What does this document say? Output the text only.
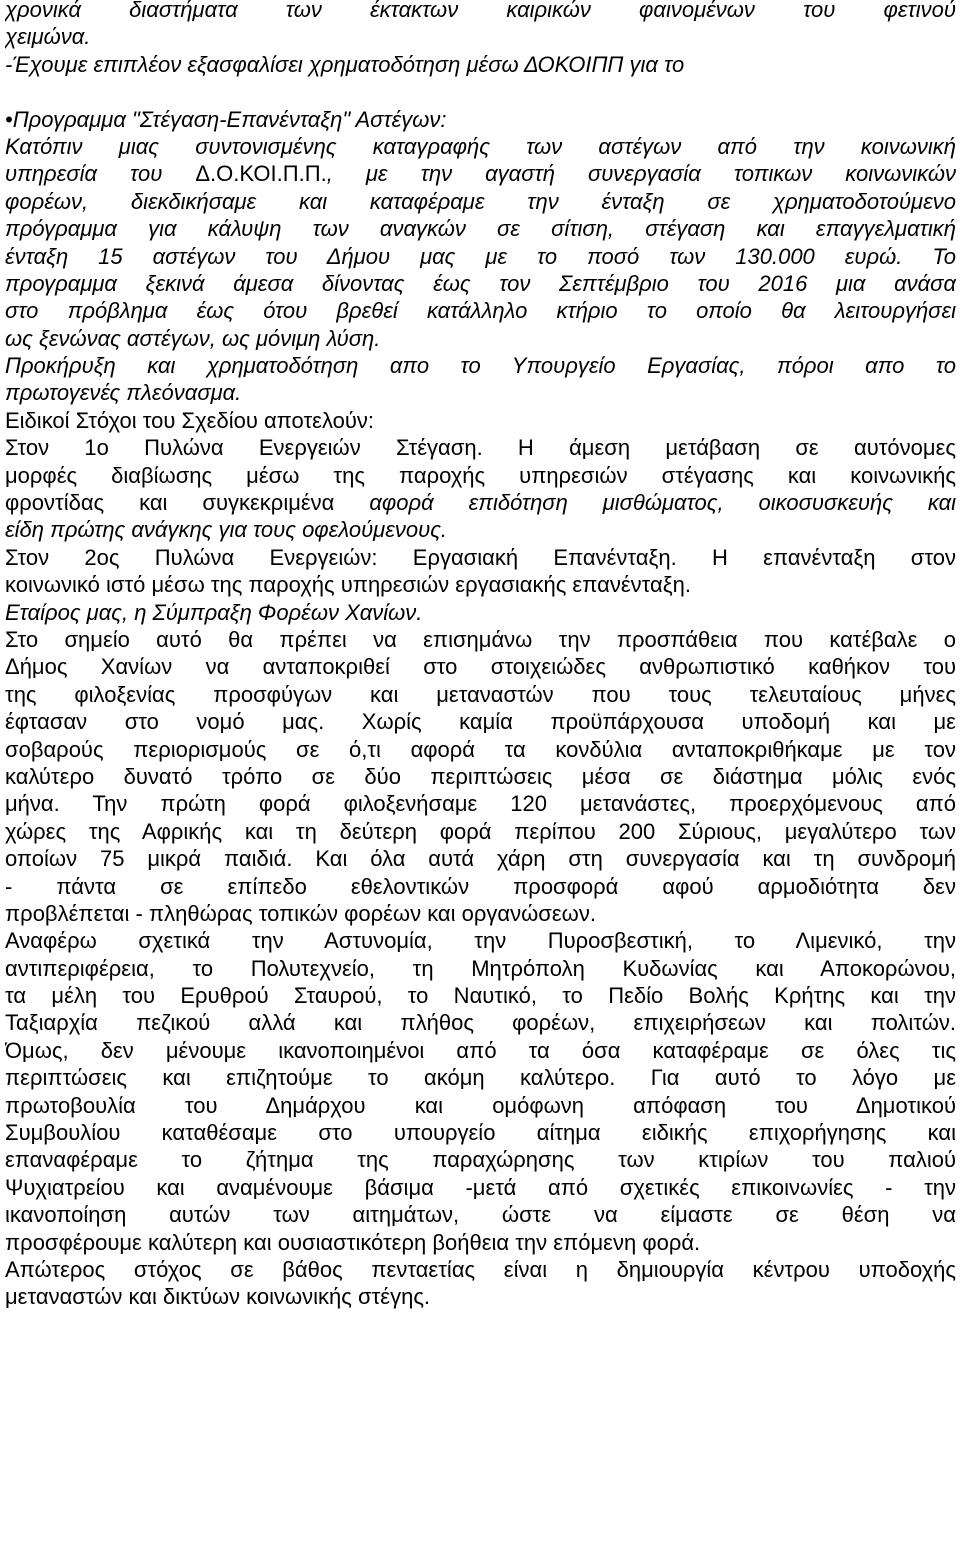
χρονικά διαστήματα των έκτακτων καιρικών φαινομένων του φετινού
χειμώνα.
-Έχουμε επιπλέον εξασφαλίσει χρηματοδότηση μέσω ΔΟΚΟΙΠΠ για το
•Προγραμμα "Στέγαση-Επανένταξη" Αστέγων:
Κατόπιν μιας συντονισμένης καταγραφής των αστέγων από την κοινωνική
υπηρεσία του Δ.Ο.ΚΟΙ.Π.Π., με την αγαστή συνεργασία τοπικων κοινωνικών
φορέων, διεκδικήσαμε και καταφέραμε την ένταξη σε χρηματοδοτούμενο
πρόγραμμα για κάλυψη των αναγκών σε σίτιση, στέγαση και επαγγελματική
ένταξη 15 αστέγων του Δήμου μας με το ποσό των 130.000 ευρώ. Το
προγραμμα ξεκινά άμεσα δίνοντας έως τον Σεπτέμβριο του 2016 μια ανάσα
στο πρόβλημα έως ότου βρεθεί κατάλληλο κτήριο το οποίο θα λειτουργήσει
ως ξενώνας αστέγων, ως μόνιμη λύση.
Προκήρυξη και χρηματοδότηση απο το Υπουργείο Εργασίας, πόροι απο το
πρωτογενές πλεόνασμα.
Ειδικοί Στόχοι του Σχεδίου αποτελούν:
Στον 1ο Πυλώνα Ενεργειών Στέγαση. Η άμεση μετάβαση σε αυτόνομες
μορφές διαβίωσης μέσω της παροχής υπηρεσιών στέγασης και κοινωνικής
φροντίδας και συγκεκριμένα αφορά επιδότηση μισθώματος, οικοσυσκευής και
είδη πρώτης ανάγκης για τους οφελούμενους.
Στον 2ος Πυλώνα Ενεργειών: Εργασιακή Επανένταξη. Η επανένταξη στον
κοινωνικό ιστό μέσω της παροχής υπηρεσιών εργασιακής επανένταξη.
Εταίρος μας, η Σύμπραξη Φορέων Χανίων.
Στο σημείο αυτό θα πρέπει να επισημάνω την προσπάθεια που κατέβαλε ο
Δήμος Χανίων να ανταποκριθεί στο στοιχειώδες ανθρωπιστικό καθήκον του
της φιλοξενίας προσφύγων και μεταναστών που τους τελευταίους μήνες
έφτασαν στο νομό μας. Χωρίς καμία προϋπάρχουσα υποδομή και με
σοβαρούς περιορισμούς σε ό,τι αφορά τα κονδύλια ανταποκριθήκαμε με τον
καλύτερο δυνατό τρόπο σε δύο περιπτώσεις μέσα σε διάστημα μόλις ενός
μήνα. Την πρώτη φορά φιλοξενήσαμε 120 μετανάστες, προερχόμενους από
χώρες της Αφρικής και τη δεύτερη φορά περίπου 200 Σύριους, μεγαλύτερο των
οποίων 75 μικρά παιδιά. Και όλα αυτά χάρη στη συνεργασία και τη συνδρομή
- πάντα σε επίπεδο εθελοντικών προσφορά αφού αρμοδιότητα δεν
προβλέπεται - πληθώρας τοπικών φορέων και οργανώσεων.
Αναφέρω σχετικά την Αστυνομία, την Πυροσβεστική, το Λιμενικό, την
αντιπεριφέρεια, το Πολυτεχνείο, τη Μητρόπολη Κυδωνίας και Αποκορώνου,
τα μέλη του Ερυθρού Σταυρού, το Ναυτικό, το Πεδίο Βολής Κρήτης και την
Ταξιαρχία πεζικού αλλά και πλήθος φορέων, επιχειρήσεων και πολιτών.
Όμως, δεν μένουμε ικανοποιημένοι από τα όσα καταφέραμε σε όλες τις
περιπτώσεις και επιζητούμε το ακόμη καλύτερο. Για αυτό το λόγο με
πρωτοβουλία του Δημάρχου και ομόφωνη απόφαση του Δημοτικού
Συμβουλίου καταθέσαμε στο υπουργείο αίτημα ειδικής επιχορήγησης και
επαναφέραμε το ζήτημα της παραχώρησης των κτιρίων του παλιού
Ψυχιατρείου και αναμένουμε βάσιμα -μετά από σχετικές επικοινωνίες - την
ικανοποίηση αυτών των αιτημάτων, ώστε να είμαστε σε θέση να
προσφέρουμε καλύτερη και ουσιαστικότερη βοήθεια την επόμενη φορά.
Απώτερος στόχος σε βάθος πενταετίας είναι η δημιουργία κέντρου υποδοχής
μεταναστών και δικτύων κοινωνικής στέγης.
